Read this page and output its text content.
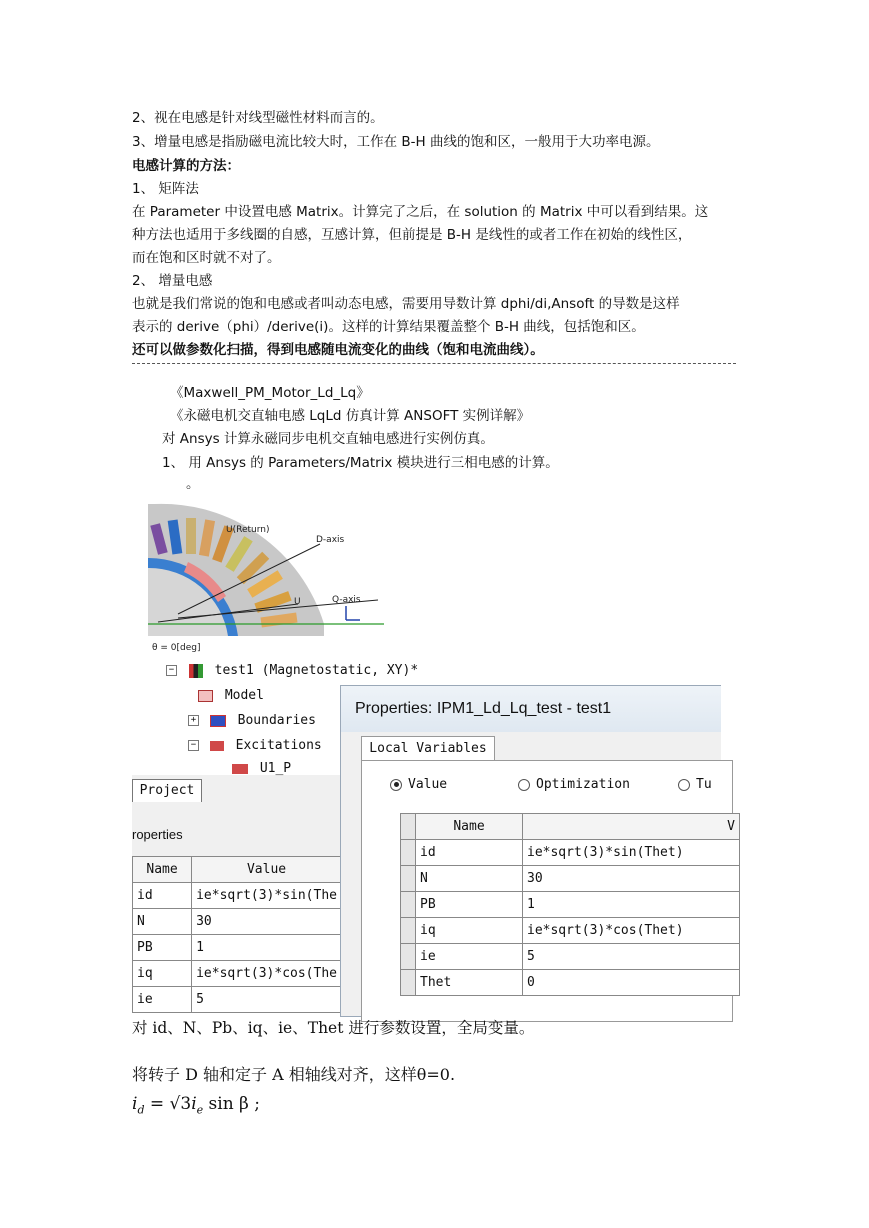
2、视在电感是针对线型磁性材料而言的。
3、增量电感是指励磁电流比较大时，工作在 B-H 曲线的饱和区，一般用于大功率电源。
电感计算的方法：
1、 矩阵法
在 Parameter 中设置电感 Matrix。计算完了之后，在 solution 的 Matrix 中可以看到结果。这
种方法也适用于多线圈的自感，互感计算，但前提是 B-H 是线性的或者工作在初始的线性区，
而在饱和区时就不对了。
2、 增量电感
也就是我们常说的饱和电感或者叫动态电感，需要用导数计算 dphi/di,Ansoft 的导数是这样
表示的 derive（phi）/derive(i)。这样的计算结果覆盖整个 B-H 曲线，包括饱和区。
还可以做参数化扫描，得到电感随电流变化的曲线（饱和电流曲线）。
《Maxwell_PM_Motor_Ld_Lq》
《永磁电机交直轴电感 LqLd 仿真计算 ANSOFT 实例详解》
对 Ansys 计算永磁同步电机交直轴电感进行实例仿真。
1、 用 Ansys 的 Parameters/Matrix 模块进行三相电感的计算。
。
U(Return)
D-axis
Q-axis
U
θ = 0[deg]
−	test1 (Magnetostatic, XY)*
Model
+	Boundaries
−	Excitations
U1_P
Project
roperties
Name	Value
id	ie*sqrt(3)*sin(The
N	30
PB	1
iq	ie*sqrt(3)*cos(The
ie	5
Properties: IPM1_Ld_Lq_test - test1
Local Variables
Value	Optimization	Tu
	Name	V
	id	ie*sqrt(3)*sin(Thet)
	N	30
	PB	1
	iq	ie*sqrt(3)*cos(Thet)
	ie	5
	Thet	0
对 id、N、Pb、iq、ie、Thet 进行参数设置，全局变量。
将转子 D 轴和定子 A 相轴线对齐，这样θ=0.
$i_d = √3i_e$ sin β ;
